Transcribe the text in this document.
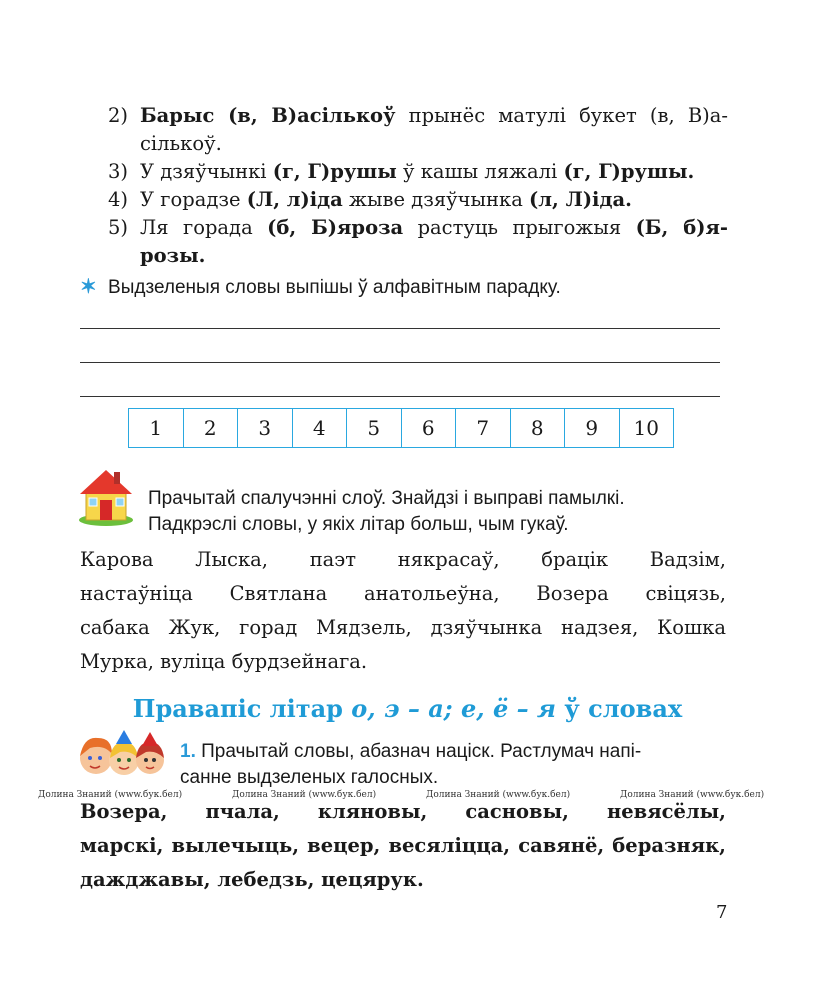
2) Барыс (в, В)асількоў прынёс матулі букет (в, В)а-
сількоў.
3) У дзяўчынкі (г, Г)рушы ў кашы ляжалі (г, Г)рушы.
4) У горадзе (Л, л)іда жыве дзяўчынка (л, Л)іда.
5) Ля горада (б, Б)яроза растуць прыгожыя (Б, б)я-
розы.
✶ Выдзеленыя словы выпішы ў алфавітным парадку.
1	2	3	4	5	6	7	8	9	10
Прачытай спалучэнні слоў. Знайдзі і выправі памылкі.
Падкрэслі словы, у якіх літар больш, чым гукаў.
Карова Лыска, паэт някрасаў, брацік Вадзім,
настаўніца Святлана анатольеўна, Возера свіцязь,
сабака Жук, горад Мядзель, дзяўчынка надзея, Кошка
Мурка, вуліца бурдзейнага.
Правапіс літар о, э – а; е, ё – я ў словах
1. Прачытай словы, абазнач націск. Растлумач напі-
санне выдзеленых галосных.
Долина Знаний (www.бук.бел)	Долина Знаний (www.бук.бел)	Долина Знаний (www.бук.бел)	Долина Знаний (www.бук.бел)
Возера, пчала, кляновы, сасновы, невясёлы,
марскі, вылечыць, вецер, весяліцца, савянё, беразняк,
дажджавы, лебедзь, цецярук.
7
